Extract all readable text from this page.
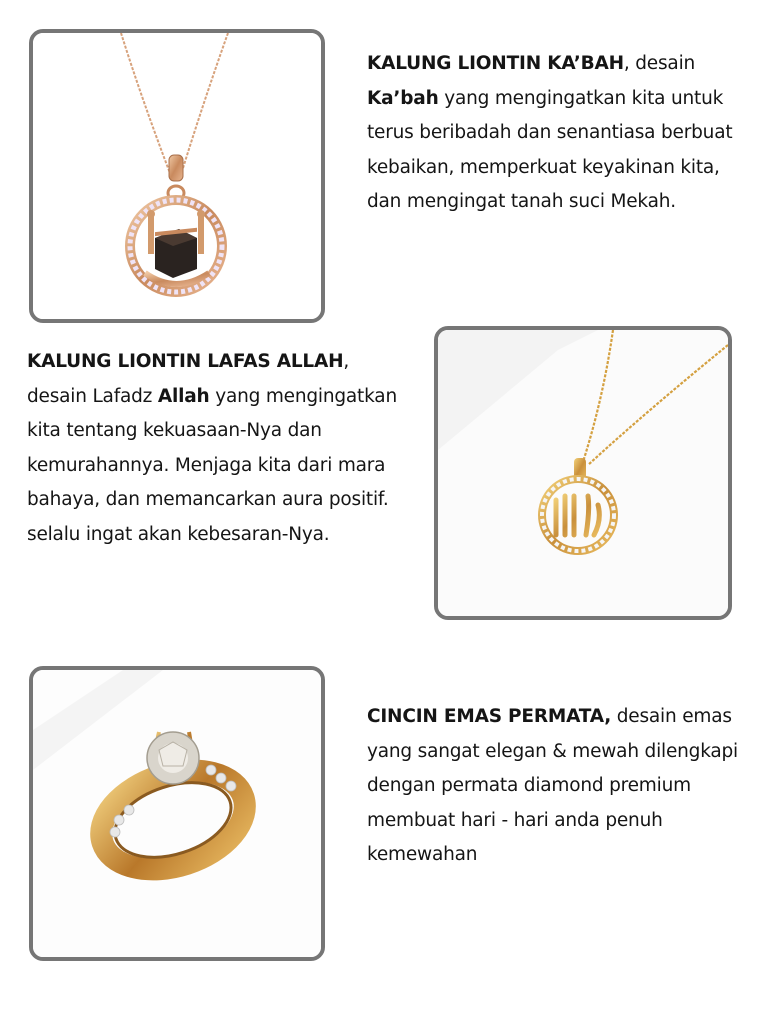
KALUNG LIONTIN KA’BAH, desain Ka’bah yang mengingatkan kita untuk terus beribadah dan senantiasa berbuat kebaikan, memperkuat keyakinan kita, dan mengingat tanah suci Mekah.

KALUNG LIONTIN LAFAS ALLAH, desain Lafadz Allah yang mengingatkan kita tentang kekuasaan-Nya dan kemurahannya. Menjaga kita dari mara bahaya, dan memancarkan aura positif. selalu ingat akan kebesaran-Nya.

CINCIN EMAS PERMATA, desain emas yang sangat elegan & mewah dilengkapi dengan permata diamond premium membuat hari - hari anda penuh kemewahan
